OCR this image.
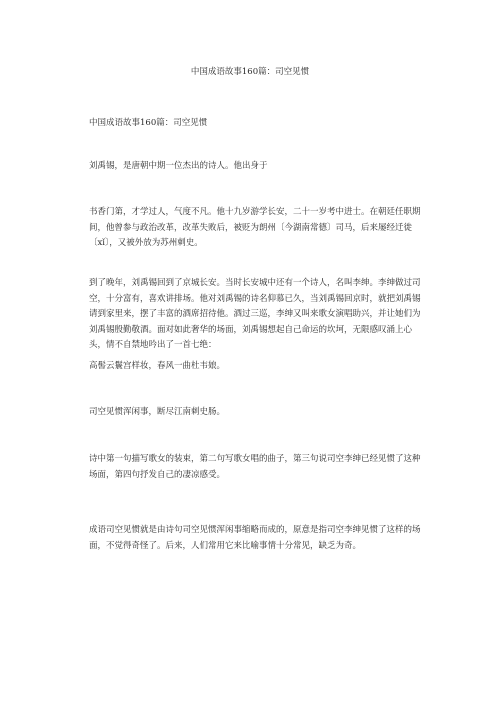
中国成语故事160篇：司空见惯
中国成语故事160篇：司空见惯
刘禹锡，是唐朝中期一位杰出的诗人。他出身于
书香门第，才学过人，气度不凡。他十九岁游学长安，二十一岁考中进士。在朝廷任职期间，他曾参与政治改革，改革失败后，被贬为朗州〔今湖南常德〕司马，后来屡经迁徙〔xǐ〕，又被外放为苏州刺史。
到了晚年，刘禹锡回到了京城长安。当时长安城中还有一个诗人，名叫李绅。李绅做过司空，十分富有，喜欢讲排场。他对刘禹锡的诗名仰慕已久，当刘禹锡回京时，就把刘禹锡请到家里来，摆了丰富的酒席招待他。酒过三巡，李绅又叫来歌女演唱助兴，并让她们为刘禹锡殷勤敬酒。面对如此奢华的场面，刘禹锡想起自己命运的坎坷，无限感叹涌上心头，情不自禁地吟出了一首七绝：
高髻云鬟宫样妆，春风一曲杜韦娘。
司空见惯浑闲事，断尽江南刺史肠。
诗中第一句描写歌女的装束，第二句写歌女唱的曲子，第三句说司空李绅已经见惯了这种场面，第四句抒发自己的凄凉感受。
成语司空见惯就是由诗句司空见惯浑闲事缩略而成的，原意是指司空李绅见惯了这样的场面，不觉得奇怪了。后来，人们常用它来比喻事情十分常见，缺乏为奇。
